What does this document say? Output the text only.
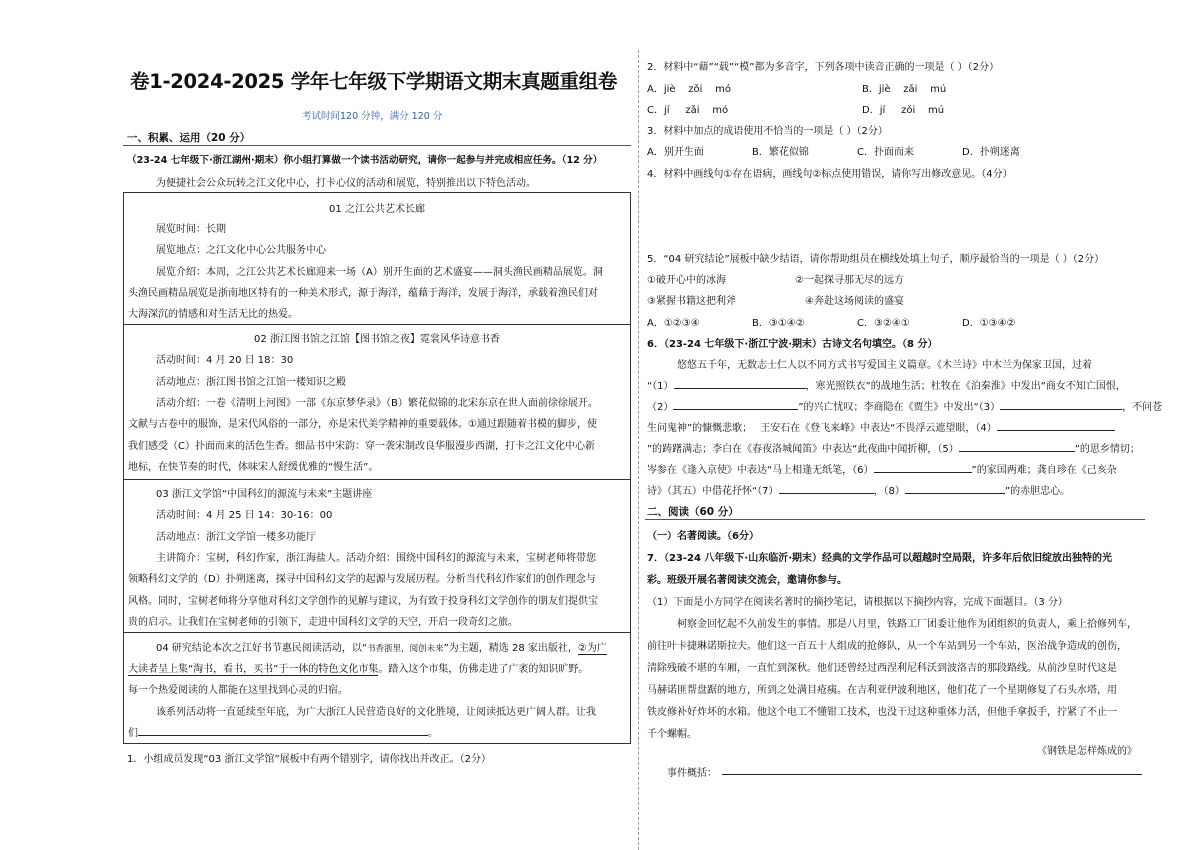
卷1-2024-2025 学年七年级下学期语文期末真题重组卷
考试时间120 分钟，满分 120 分
一、积累、运用（20 分）
（23-24 七年级下·浙江湖州·期末）你小组打算做一个读书活动研究，请你一起参与并完成相应任务。（12 分）
为便捷社会公众玩转之江文化中心，打卡心仪的活动和展览，特别推出以下特色活动。
01 之江公共艺术长廊
展览时间：长期
展览地点：之江文化中心公共服务中心
展览介绍：本周，之江公共艺术长廊迎来一场（A）别开生面的艺术盛宴——洞头渔民画精品展览。洞
头渔民画精品展览是浙南地区特有的一种美术形式，源于海洋，蕴藉于海洋，发展于海洋，承载着渔民们对
大海深沉的情感和对生活无比的热爱。
02 浙江图书馆之江馆【图书馆之夜】霓裳风华诗意书香
活动时间：4 月 20 日 18：30
活动地点：浙江图书馆之江馆一楼知识之殿
活动介绍：一卷《清明上河图》一部《东京梦华录》（B）繁花似锦的北宋东京在世人面前徐徐展开。
文献与古卷中的服饰，是宋代风俗的一部分，亦是宋代美学精神的重要载体。①通过跟随着书模的脚步，使
我们感受（C）扑面而来的活色生香。细品书中宋韵：穿一袭宋制改良华服漫步西湖，打卡之江文化中心新
地标，在快节奏的时代，体味宋人舒缓优雅的“慢生活”。
03 浙江文学馆“中国科幻的源流与未来”主题讲座
活动时间：4 月 25 日 14：30-16：00
活动地点：浙江文学馆一楼多功能厅
主讲简介：宝树，科幻作家，浙江海盐人。活动介绍：围绕中国科幻的源流与未来，宝树老师将带您
领略科幻文学的（D）扑朔迷离，探寻中国科幻文学的起源与发展历程。分析当代科幻作家们的创作理念与
风格。同时，宝树老师将分享他对科幻文学创作的见解与建议，为有致于投身科幻文学创作的朋友们提供宝
贵的启示。让我们在宝树老师的引领下，走进中国科幻文学的天空，开启一段奇幻之旅。
04 研究结论本次之江好书节惠民阅读活动，以“书香浙里，阅创未来”为主题，精选 28 家出版社，②为广
大读者呈上集“淘书，看书，买书”于一体的特色文化市集。踏入这个市集，仿佛走进了广袤的知识旷野。
每一个热爱阅读的人都能在这里找到心灵的归宿。
该系列活动将一直延续至年底，为广大浙江人民营造良好的文化胜境，让阅读抵达更广阔人群。让我
们	。
1．小组成员发现“03 浙江文学馆”展板中有两个错别字，请你找出并改正。（2分）
2．材料中“藉”“载”“模”都为多音字，下列各项中读音正确的一项是（ ）（2分）
A．jiè    zǒi    mó	B．jiè    zǎi    mú
C．jí     zǎi    mó	D．jí     zǒi    mú
3．材料中加点的成语使用不恰当的一项是（ ）（2分）
A．别开生面	B．繁花似锦	C．扑面而来	D．扑朔迷离
4．材料中画线句①存在语病，画线句②标点使用错误，请你写出修改意见。（4分）
5．“04 研究结论”展板中缺少结语，请你帮助组员在横线处填上句子，顺序最恰当的一项是（ ）（2分）
①破开心中的冰海	②一起探寻那无尽的远方
③紧握书籍这把利斧	④奔赴这场阅读的盛宴
A．①②③④	B．③①④②	C．③②④①	D．①③④②
6．（23-24 七年级下·浙江宁波·期末）古诗文名句填空。（8 分）
悠悠五千年，无数志士仁人以不同方式书写爱国主义篇章。《木兰诗》中木兰为保家卫国，过着
“（1）	，寒光照铁衣”的战地生活；杜牧在《泊秦淮》中发出“商女不知亡国恨，
（2）	”的兴亡忧叹；李商隐在《贾生》中发出“（3）	，不问苍
生问鬼神”的慷慨悲歌； 王安石在《登飞来峰》中表达“不畏浮云遮望眼，（4）
”的踌躇满志；李白在《春夜洛城闻笛》中表达“此夜曲中闻折柳，（5）	”的思乡情切；
岑参在《逢入京使》中表达“马上相逢无纸笔，（6）	”的家国两难；龚自珍在《己亥杂
诗》（其五）中借花抒怀“（7）	，（8）	”的赤胆忠心。
二、阅读（60 分）
（一）名著阅读。（6分）
7．（23-24 八年级下·山东临沂·期末）经典的文学作品可以超越时空局限，许多年后依旧绽放出独特的光
彩。班级开展名著阅读交流会，邀请你参与。
（1）下面是小方同学在阅读名著时的摘抄笔记，请根据以下摘抄内容，完成下面题目。（3 分）
柯察金回忆起不久前发生的事情。那是八月里，铁路工厂团委让他作为团组织的负责人，乘上拾修列车，
前往叶卡捷琳诺斯拉夫。他们这一百五十人组成的抢修队，从一个车站到另一个车站，医治战争造成的创伤，
清除残破不堪的车厢，一直忙到深秋。他们还曾经过西涅利尼科沃到波洛吉的那段路线。从前沙皇时代这是
马赫诺匪帮盘踞的地方，所到之处满目疮痍。在吉利亚伊波利地区，他们花了一个星期修复了石头水塔，用
铁皮修补好炸坏的水箱。他这个电工不懂钳工技术，也没干过这种重体力活，但他手拿扳手，拧紧了不止一
千个螺帽。
《钢铁是怎样炼成的》
事件概括：
